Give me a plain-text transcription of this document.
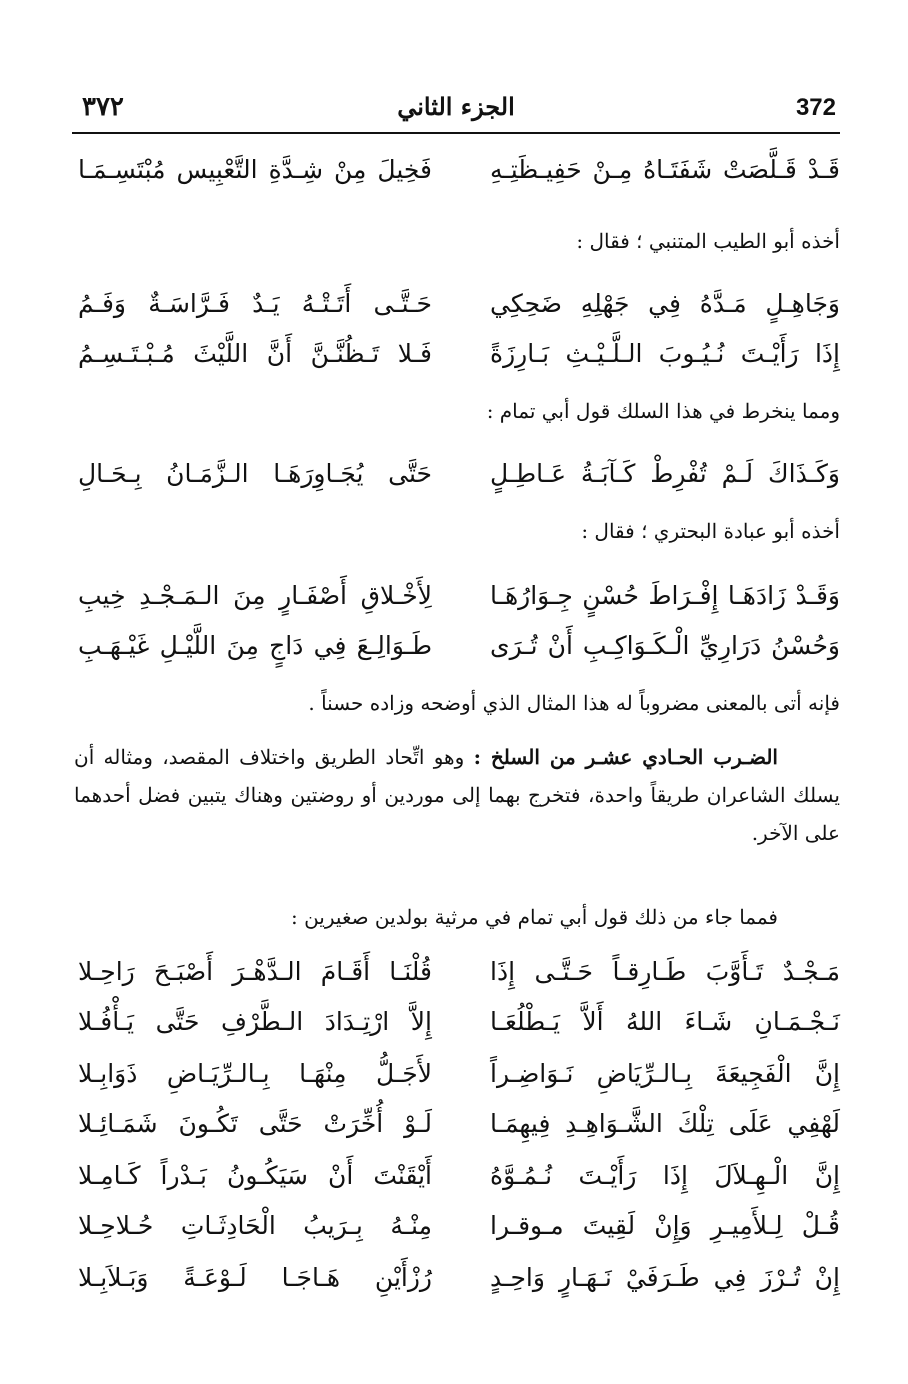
372
الجزء الثاني
٣٧٢
قَـدْ قَـلَّصَتْ شَفَتَـاهُ مِـنْ حَفِيـظَتِـهِ
فَخِيلَ مِنْ شِـدَّةِ التَّعْبِيس مُبْتَسِـمَـا
أخذه أبو الطيب المتنبي ؛ فقال :
وَجَاهِـلٍ مَـدَّهُ فِي جَهْلِهِ ضَحِكِي
حَـتَّـى أَتَـتْـهُ يَـدٌ فَـرَّاسَـةٌ وَفَـمُ
إِذَا رَأَيْـتَ نُـيُـوبَ الـلَّـيْـثِ بَـارِزَةً
فَـلا تَـظُنَّـنَّ أَنَّ اللَّيْثَ مُـبْـتَـسِـمُ
ومما ينخرط في هذا السلك قول أبي تمام :
وَكَـذَاكَ لَـمْ تُفْرِطْ كَـآبَـةُ عَـاطِـلٍ
حَتَّى يُجَـاوِرَهَـا الـزَّمَـانُ بِـحَـالِ
أخذه أبو عبادة البحتري ؛ فقال :
وَقَـدْ زَادَهَـا إِفْـرَاطَ حُسْنٍ جِـوَارُهَـا
لِأَخْـلاقِ أَصْفَـارٍ مِنَ الـمَـجْـدِ خِيبِ
وَحُسْنُ دَرَارِيِّ الْـكَـوَاكِـبِ أَنْ تُـرَى
طَـوَالِـعَ فِي دَاجٍ مِنَ اللَّيْـلِ غَيْـهَـبِ
فإنه أتى بالمعنى مضروباً له هذا المثال الذي أوضحه وزاده حسناً .
الضـرب الحـادي عشـر من السلخ : وهو اتِّحاد الطريق واختلاف المقصد، ومثاله أن يسلك الشاعران طريقاً واحدة، فتخرج بهما إلى موردين أو روضتين وهناك يتبين فضل أحدهما على الآخر.
فمما جاء من ذلك قول أبي تمام في مرثية بولدين صغيرين :
مَـجْـدٌ تَـأَوَّبَ طَـارِقـاً حَـتَّـى إِذَا
قُلْنَـا أَقَـامَ الـدَّهْـرَ أَصْبَـحَ رَاحِـلا
نَـجْـمَـانِ شَـاءَ اللهُ أَلاَّ يَـطْلُعَـا
إِلاَّ ارْتِـدَادَ الـطَّرْفِ حَتَّى يَـأْفُـلا
إِنَّ الْفَجِيعَةَ بِـالـرِّيَاضِ نَـوَاضِـراً
لأَجَـلُّ مِنْهَـا بِـالـرِّيَـاضِ ذَوَابِـلا
لَهْفِي عَلَى تِلْكَ الشَّـوَاهِـدِ فِيهِمَـا
لَـوْ أُخِّرَتْ حَتَّى تَكُـونَ شَمَـائِـلا
إِنَّ الْـهِـلاَلَ إِذَا رَأَيْـتَ نُـمُـوَّهُ
أَيْقَنْتَ أَنْ سَيَكُـونُ بَـدْراً كَـامِـلا
قُـلْ لِـلأَمِيـرِ وَإِنْ لَقِيتَ مـوقـرا
مِنْـهُ بِـرَيبُ الْحَادِثَـاتِ حُـلاحِـلا
إِنْ تُـرْزَ فِي طَـرَفَيْ نَـهَـارٍ وَاحِـدٍ
رُزْأَيْنِ هَـاجَـا لَـوْعَـةً وَبَـلاَبِـلا
